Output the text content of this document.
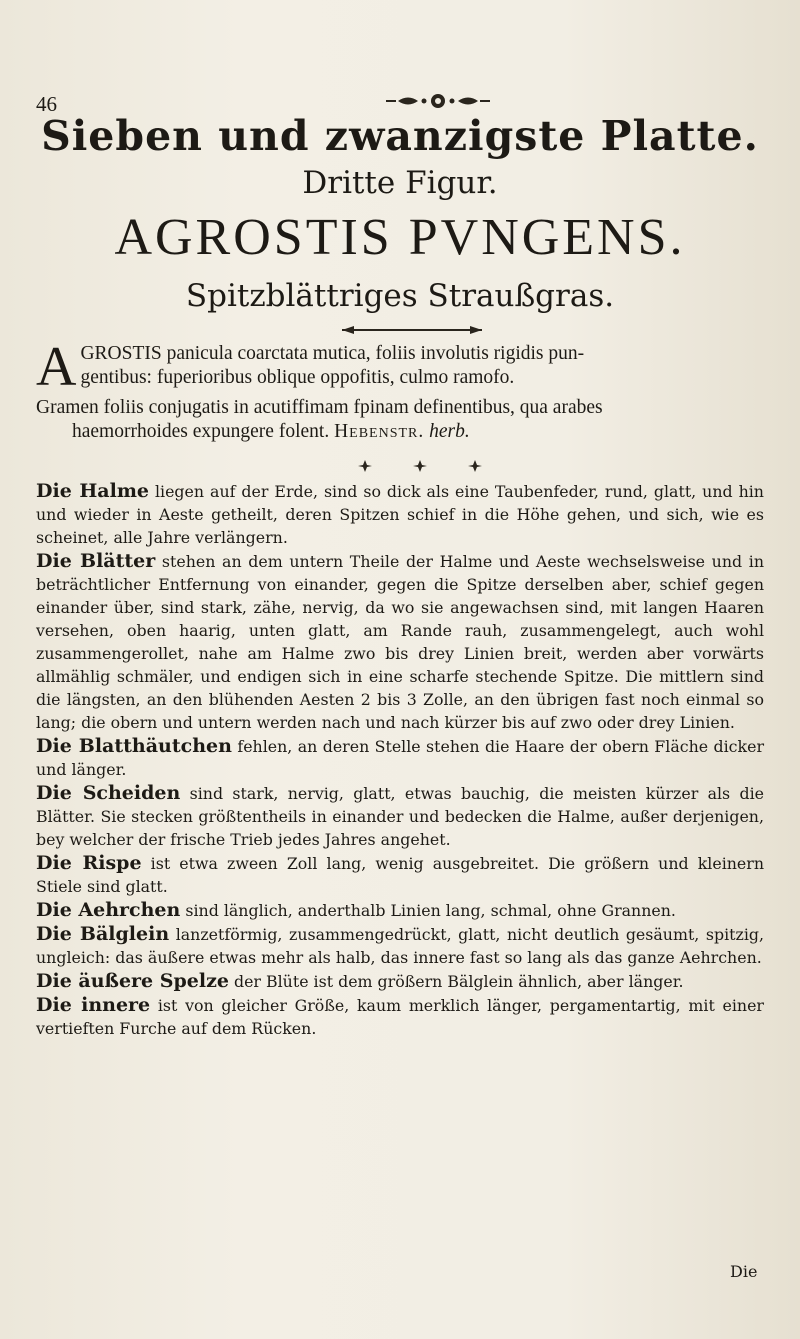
46
Sieben und zwanzigste Platte.
Dritte Figur.
AGROSTIS PVNGENS.
Spitzblättriges Straußgras.
A GROSTIS panicula coarctata mutica, foliis involutis rigidis pun-

gentibus: fuperioribus oblique oppofitis, culmo ramofo.

Gramen foliis conjugatis in acutiffimam fpinam definentibus, qua arabes

haemorrhoides expungere folent. Hebenstr. herb.

Die Halme liegen auf der Erde, sind so dick als eine Taubenfeder, rund, glatt, und hin und wieder in Aeste getheilt, deren Spitzen schief in die Höhe gehen, und sich, wie es scheinet, alle Jahre verlängern.

Die Blätter stehen an dem untern Theile der Halme und Aeste wechselsweise und in beträchtlicher Entfernung von einander, gegen die Spitze derselben aber, schief gegen einander über, sind stark, zähe, nervig, da wo sie angewachsen sind, mit langen Haaren versehen, oben haarig, unten glatt, am Rande rauh, zusammengelegt, auch wohl zusammengerollet, nahe am Halme zwo bis drey Linien breit, werden aber vorwärts allmählig schmäler, und endigen sich in eine scharfe stechende Spitze. Die mittlern sind die längsten, an den blühenden Aesten 2 bis 3 Zolle, an den übrigen fast noch einmal so lang; die obern und untern werden nach und nach kürzer bis auf zwo oder drey Linien.

Die Blatthäutchen fehlen, an deren Stelle stehen die Haare der obern Fläche dicker und länger.

Die Scheiden sind stark, nervig, glatt, etwas bauchig, die meisten kürzer als die Blätter. Sie stecken größtentheils in einander und bedecken die Halme, außer derjenigen, bey welcher der frische Trieb jedes Jahres angehet.

Die Rispe ist etwa zween Zoll lang, wenig ausgebreitet. Die größern und kleinern Stiele sind glatt.

Die Aehrchen sind länglich, anderthalb Linien lang, schmal, ohne Grannen.

Die Bälglein lanzetförmig, zusammengedrückt, glatt, nicht deutlich gesäumt, spitzig, ungleich: das äußere etwas mehr als halb, das innere fast so lang als das ganze Aehrchen.

Die äußere Spelze der Blüte ist dem größern Bälglein ähnlich, aber länger.

Die innere ist von gleicher Größe, kaum merklich länger, pergamentartig, mit einer vertieften Furche auf dem Rücken.

Die
